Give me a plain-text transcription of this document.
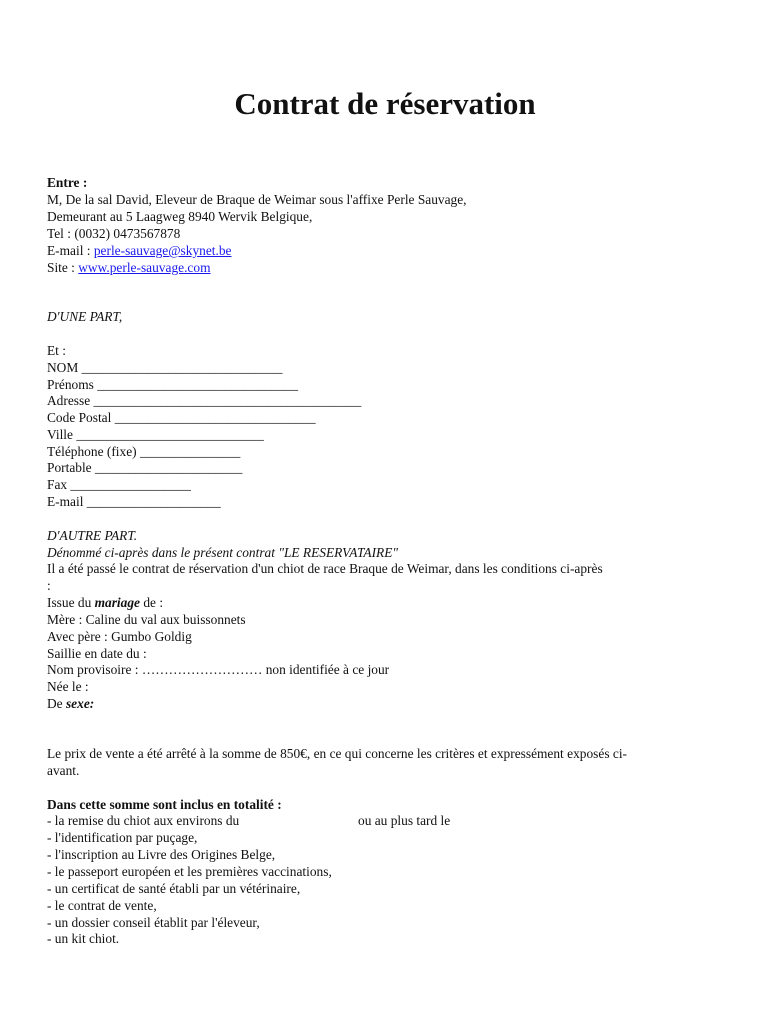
Contrat de réservation
Entre :
M, De la sal David, Eleveur de Braque de Weimar sous l'affixe Perle Sauvage,
Demeurant au 5 Laagweg 8940 Wervik Belgique,
Tel : (0032) 0473567878
E-mail : perle-sauvage@skynet.be
Site : www.perle-sauvage.com
D'UNE PART,
Et :
NOM ______________________________
Prénoms ______________________________
Adresse ________________________________________
Code Postal ______________________________
Ville ____________________________
Téléphone (fixe) _______________
Portable ______________________
Fax __________________
E-mail ____________________
D'AUTRE PART.
Dénommé ci-après dans le présent contrat "LE RESERVATAIRE"
Il a été passé le contrat de réservation d'un chiot de race Braque de Weimar, dans les conditions ci-après
:
Issue du mariage de :
Mère : Caline du val aux buissonnets
Avec père : Gumbo Goldig
Saillie en date du :
Nom provisoire : ……………………… non identifiée à ce jour
Née le :
De sexe:
Le prix de vente a été arrêté à la somme de 850€, en ce qui concerne les critères et expressément exposés ci-
avant.
Dans cette somme sont inclus en totalité :
- la remise du chiot aux environs du	ou au plus tard le
- l'identification par puçage,
- l'inscription au Livre des Origines Belge,
- le passeport européen et les premières vaccinations,
- un certificat de santé établi par un vétérinaire,
- le contrat de vente,
- un dossier conseil établit par l'éleveur,
- un kit chiot.
